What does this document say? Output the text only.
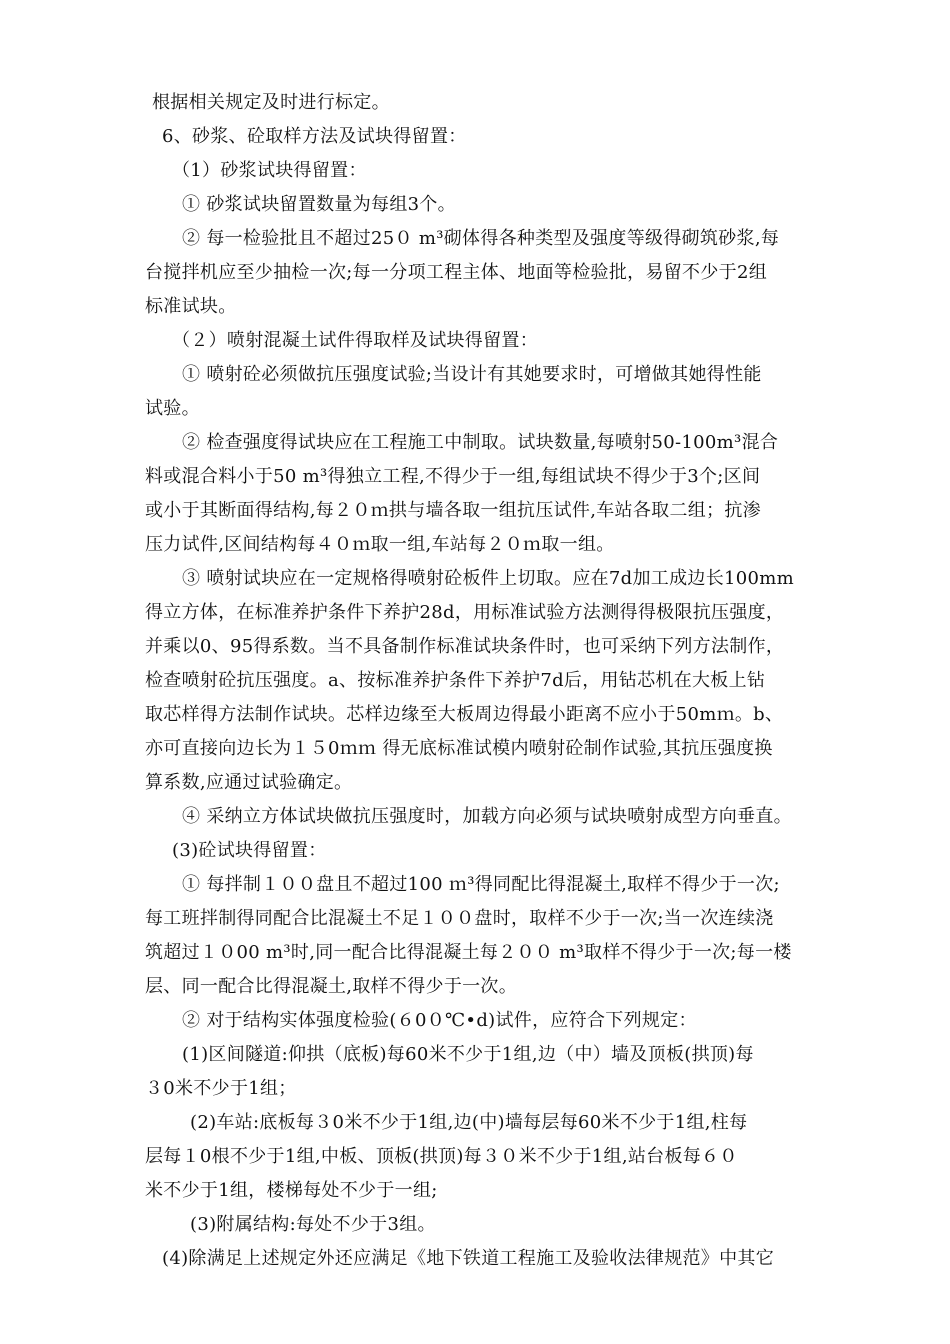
根据相关规定及时进行标定。
6、砂浆、砼取样方法及试块得留置：
（1）砂浆试块得留置：
① 砂浆试块留置数量为每组3个。
② 每一检验批且不超过25０ m³砌体得各种类型及强度等级得砌筑砂浆,每
台搅拌机应至少抽检一次;每一分项工程主体、地面等检验批，易留不少于2组
标准试块。
（２）喷射混凝土试件得取样及试块得留置：
① 喷射砼必须做抗压强度试验;当设计有其她要求时，可增做其她得性能
试验。
② 检查强度得试块应在工程施工中制取。试块数量,每喷射50-100m³混合
料或混合料小于50 m³得独立工程,不得少于一组,每组试块不得少于3个;区间
或小于其断面得结构,每２０ｍ拱与墙各取一组抗压试件,车站各取二组；抗渗
压力试件,区间结构每４０ｍ取一组,车站每２０ｍ取一组。
③ 喷射试块应在一定规格得喷射砼板件上切取。应在7d加工成边长100mm
得立方体，在标准养护条件下养护28d，用标准试验方法测得得极限抗压强度，
并乘以0、95得系数。当不具备制作标准试块条件时，也可采纳下列方法制作，
检查喷射砼抗压强度。a、按标准养护条件下养护7d后，用钻芯机在大板上钻
取芯样得方法制作试块。芯样边缘至大板周边得最小距离不应小于50mｍ。b、
亦可直接向边长为１５0ｍｍ 得无底标准试模内喷射砼制作试验,其抗压强度换
算系数,应通过试验确定。
④ 采纳立方体试块做抗压强度时，加载方向必须与试块喷射成型方向垂直。
(3)砼试块得留置：
① 每拌制１００盘且不超过100 ｍ³得同配比得混凝土,取样不得少于一次;
每工班拌制得同配合比混凝土不足１００盘时，取样不少于一次;当一次连续浇
筑超过１０00 m³时,同一配合比得混凝土每２００ m³取样不得少于一次;每一楼
层、同一配合比得混凝土,取样不得少于一次。
② 对于结构实体强度检验(６0０℃•d)试件，应符合下列规定：
(1)区间隧道:仰拱（底板)每60米不少于1组,边（中）墙及顶板(拱顶)每
３0米不少于1组；
(2)车站:底板每３0米不少于1组,边(中)墙每层每60米不少于1组,柱每
层每１0根不少于1组,中板、顶板(拱顶)每３０米不少于1组,站台板每６０
米不少于1组，楼梯每处不少于一组;
(3)附属结构:每处不少于3组。
(4)除满足上述规定外还应满足《地下铁道工程施工及验收法律规范》中其它
